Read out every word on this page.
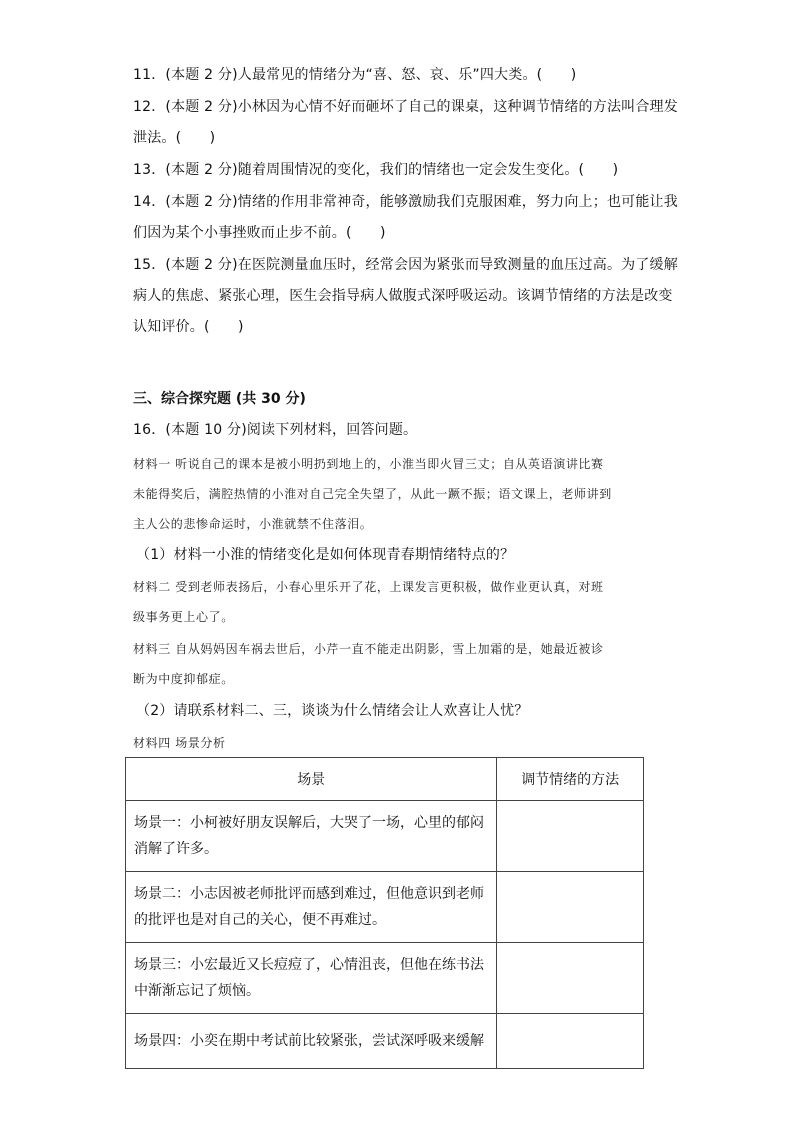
11．(本题 2 分)人最常见的情绪分为“喜、怒、哀、乐”四大类。(　　)
12．(本题 2 分)小林因为心情不好而砸坏了自己的课桌，这种调节情绪的方法叫合理发
泄法。(　　)
13．(本题 2 分)随着周围情况的变化，我们的情绪也一定会发生变化。(　　)
14．(本题 2 分)情绪的作用非常神奇，能够激励我们克服困难，努力向上；也可能让我
们因为某个小事挫败而止步不前。(　　)
15．(本题 2 分)在医院测量血压时，经常会因为紧张而导致测量的血压过高。为了缓解
病人的焦虑、紧张心理，医生会指导病人做腹式深呼吸运动。该调节情绪的方法是改变
认知评价。(　　)
三、综合探究题 (共 30 分)
16．(本题 10 分)阅读下列材料，回答问题。
材料一 听说自己的课本是被小明扔到地上的，小淮当即火冒三丈；自从英语演讲比赛
未能得奖后，满腔热情的小淮对自己完全失望了，从此一蹶不振；语文课上，老师讲到
主人公的悲惨命运时，小淮就禁不住落泪。
（1）材料一小淮的情绪变化是如何体现青春期情绪特点的？
材料二 受到老师表扬后，小春心里乐开了花，上课发言更积极，做作业更认真，对班
级事务更上心了。
材料三 自从妈妈因车祸去世后，小芹一直不能走出阴影，雪上加霜的是，她最近被诊
断为中度抑郁症。
（2）请联系材料二、三，谈谈为什么情绪会让人欢喜让人忧？
材料四 场景分析
场景	调节情绪的方法
场景一：小柯被好朋友误解后，大哭了一场，心里的郁闷消解了许多。	
场景二：小志因被老师批评而感到难过，但他意识到老师的批评也是对自己的关心，便不再难过。	
场景三：小宏最近又长痘痘了，心情沮丧，但他在练书法中渐渐忘记了烦恼。	
场景四：小奕在期中考试前比较紧张，尝试深呼吸来缓解	
